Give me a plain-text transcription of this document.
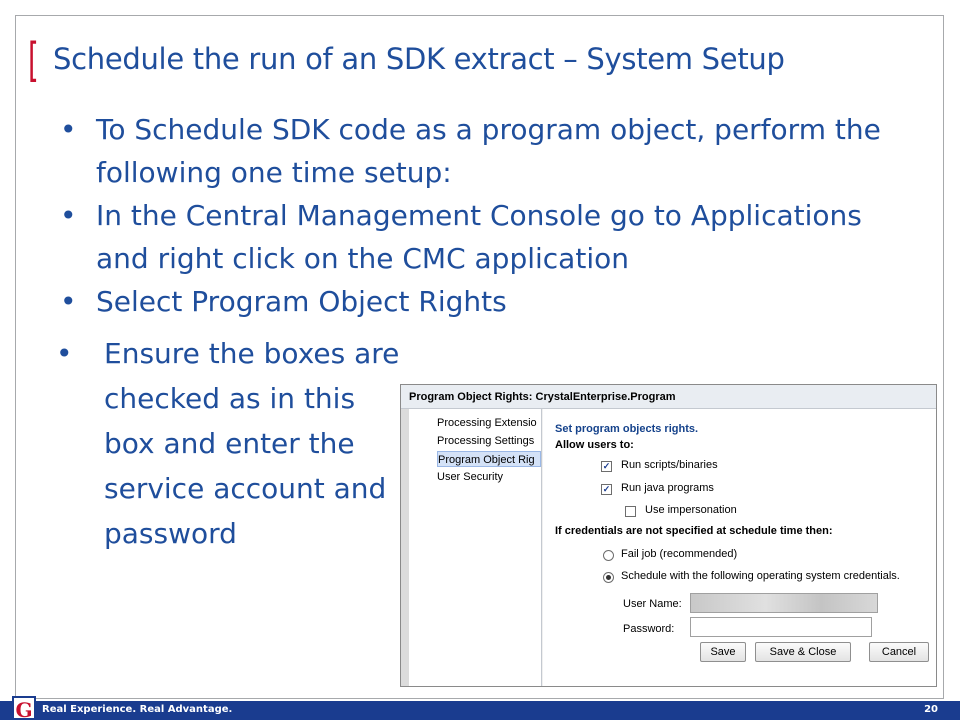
[ Schedule the run of an SDK extract – System Setup
• To Schedule SDK code as a program object, perform the following one time setup:
• In the Central Management Console go to Applications and right click on the CMC application
• Select Program Object Rights
•	Ensure the boxes are checked as in this box and enter the service account and password
Program Object Rights: CrystalEnterprise.Program
Processing Extensio
Processing Settings
Program Object Rig
User Security
Set program objects rights.
Allow users to:
✓ Run scripts/binaries
✓ Run java programs
Use impersonation
If credentials are not specified at schedule time then:
Fail job (recommended)
Schedule with the following operating system credentials.
User Name:
Password:
Save	Save & Close	Cancel
G Real Experience. Real Advantage.	20
